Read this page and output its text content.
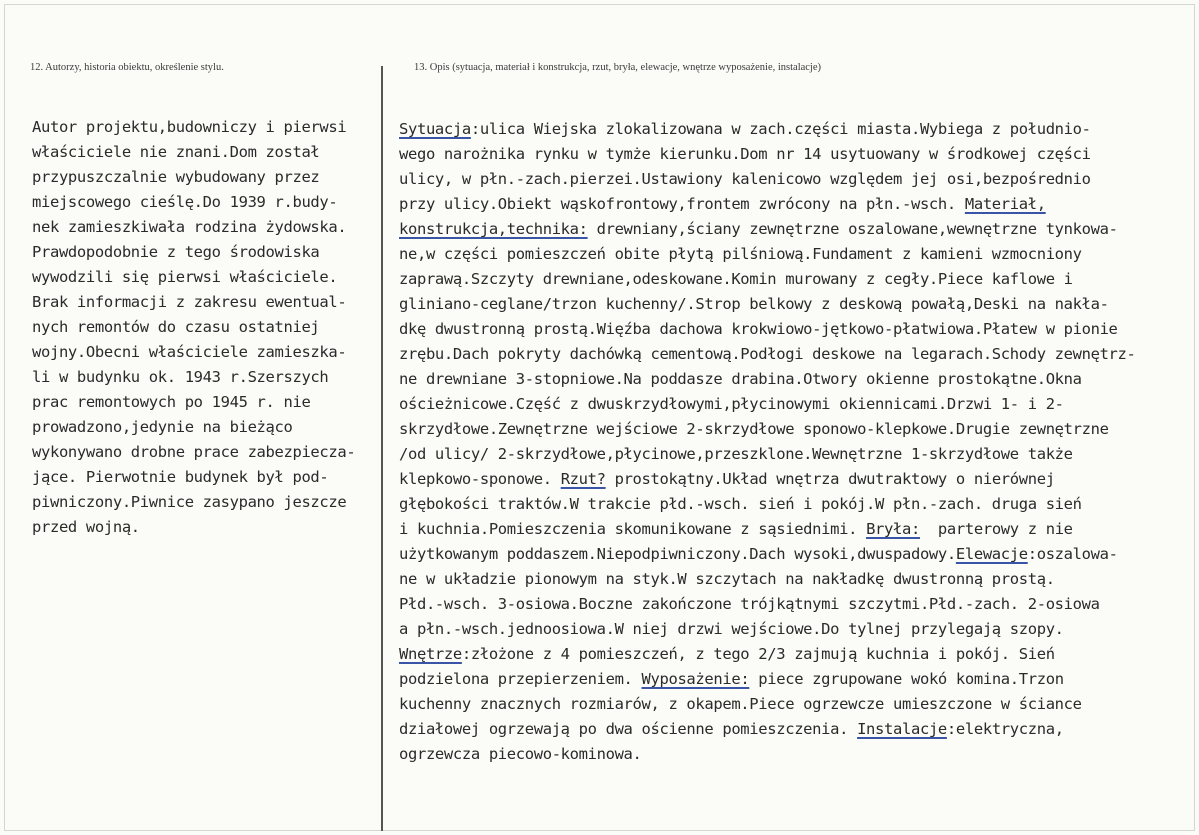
12. Autorzy, historia obiektu, określenie stylu.	13. Opis (sytuacja, materiał i konstrukcja, rzut, bryła, elewacje, wnętrze wyposażenie, instalacje)
Autor projektu,budowniczy i pierwsi
właściciele nie znani.Dom został
przypuszczalnie wybudowany przez
miejscowego cieślę.Do 1939 r.budy-
nek zamieszkiwała rodzina żydowska.
Prawdopodobnie z tego środowiska
wywodzili się pierwsi właściciele.
Brak informacji z zakresu ewentual-
nych remontów do czasu ostatniej
wojny.Obecni właściciele zamieszka-
li w budynku ok. 1943 r.Szerszych
prac remontowych po 1945 r. nie
prowadzono,jedynie na bieżąco
wykonywano drobne prace zabezpiecza-
jące. Pierwotnie budynek był pod-
piwniczony.Piwnice zasypano jeszcze
przed wojną.
Sytuacja:ulica Wiejska zlokalizowana w zach.części miasta.Wybiega z południo-
wego narożnika rynku w tymże kierunku.Dom nr 14 usytuowany w środkowej części
ulicy, w płn.-zach.pierzei.Ustawiony kalenicowo względem jej osi,bezpośrednio
przy ulicy.Obiekt wąskofrontowy,frontem zwrócony na płn.-wsch. Materiał,
konstrukcja,technika: drewniany,ściany zewnętrzne oszalowane,wewnętrzne tynkowa-
ne,w części pomieszczeń obite płytą pilśniową.Fundament z kamieni wzmocniony
zaprawą.Szczyty drewniane,odeskowane.Komin murowany z cegły.Piece kaflowe i
gliniano-ceglane/trzon kuchenny/.Strop belkowy z deskową powałą,Deski na nakła-
dkę dwustronną prostą.Więźba dachowa krokwiowo-jętkowo-płatwiowa.Płatew w pionie
zrębu.Dach pokryty dachówką cementową.Podłogi deskowe na legarach.Schody zewnętrz-
ne drewniane 3-stopniowe.Na poddasze drabina.Otwory okienne prostokątne.Okna
ościeżnicowe.Część z dwuskrzydłowymi,płycinowymi okiennicami.Drzwi 1- i 2-
skrzydłowe.Zewnętrzne wejściowe 2-skrzydłowe sponowo-klepkowe.Drugie zewnętrzne
/od ulicy/ 2-skrzydłowe,płycinowe,przeszklone.Wewnętrzne 1-skrzydłowe także
klepkowo-sponowe. Rzut? prostokątny.Układ wnętrza dwutraktowy o nierównej
głębokości traktów.W trakcie płd.-wsch. sień i pokój.W płn.-zach. druga sień
i kuchnia.Pomieszczenia skomunikowane z sąsiednimi. Bryła:  parterowy z nie
użytkowanym poddaszem.Niepodpiwniczony.Dach wysoki,dwuspadowy.Elewacje:oszalowa-
ne w układzie pionowym na styk.W szczytach na nakładkę dwustronną prostą.
Płd.-wsch. 3-osiowa.Boczne zakończone trójkątnymi szczytmi.Płd.-zach. 2-osiowa
a płn.-wsch.jednoosiowa.W niej drzwi wejściowe.Do tylnej przylegają szopy.
Wnętrze:złożone z 4 pomieszczeń, z tego 2/3 zajmują kuchnia i pokój. Sień
podzielona przepierzeniem. Wyposażenie: piece zgrupowane wokó komina.Trzon
kuchenny znacznych rozmiarów, z okapem.Piece ogrzewcze umieszczone w ściance
działowej ogrzewają po dwa ościenne pomieszczenia. Instalacje:elektryczna,
ogrzewcza piecowo-kominowa.
